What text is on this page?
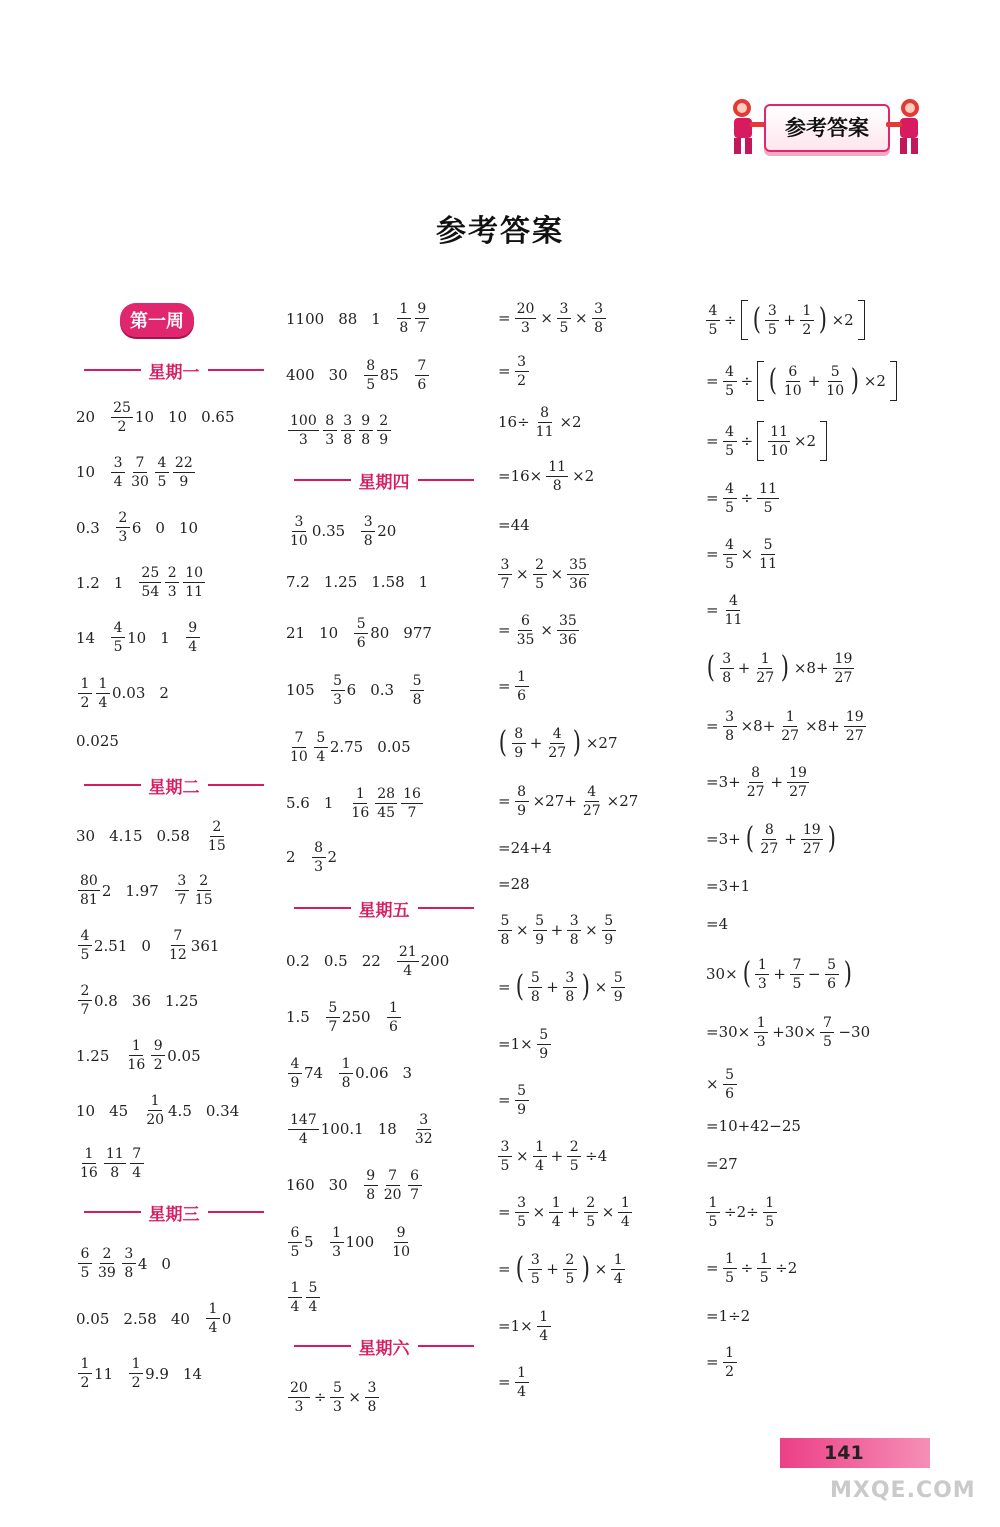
参考答案
参考答案
第一周
星期一
$20 \frac{25}{2} 10$ 10 0.65
$10 \frac{3}{4} \frac{7}{30} \frac{4}{5} \frac{22}{9}$
$0.3 \frac{2}{3} 6$ 0 10
1.2 $1 \frac{25}{54} \frac{2}{3} \frac{10}{11}$
$14 \frac{4}{5} 10$ $1 \frac{9}{4}$
$\frac{1}{2} \frac{1}{4} 0.03$ 2
0.025
星期二
30 4.15 $0.58 \frac{2}{15}$
$\frac{80}{81} 2$ $1.97 \frac{3}{7} \frac{2}{15}$
$\frac{4}{5} 2.51$ $0 \frac{7}{12} 361$
$\frac{2}{7} 0.8$ 36 1.25
$1.25 \frac{1}{16} \frac{9}{2} 0.05$
10 $45 \frac{1}{20} 4.5$ 0.34
$\frac{1}{16} \frac{11}{8} \frac{7}{4}$
星期三
$\frac{6}{5} \frac{2}{39} \frac{3}{8} 4$ 0
0.05 2.58 $40 \frac{1}{4} 0$
$\frac{1}{2} 11 \frac{1}{2} 9.9$ 14
1100 88 $1 \frac{1}{8} \frac{9}{7}$
400 $30 \frac{8}{5} 85 \frac{7}{6}$
$\frac{100}{3} \frac{8}{3} \frac{3}{8} \frac{9}{8} \frac{2}{9}$
星期四
$\frac{3}{10} 0.35 \frac{3}{8} 20$
7.2 1.25 1.58 1
21 $10 \frac{5}{6} 80$ 977
$105 \frac{5}{3} 6$ $0.3 \frac{5}{8}$
$\frac{7}{10} \frac{5}{4} 2.75$ 0.05
5.6 $1 \frac{1}{16} \frac{28}{45} \frac{16}{7}$
$2 \frac{8}{3} 2$
星期五
0.2 0.5 $22 \frac{21}{4} 200$
$1.5 \frac{5}{7} 250 \frac{1}{6}$
$\frac{4}{9} 74 \frac{1}{8} 0.06$ 3
$\frac{147}{4} 100.1$ $18 \frac{3}{32}$
160 $30 \frac{9}{8} \frac{7}{20} \frac{6}{7}$
$\frac{6}{5} 5 \frac{1}{3} 100 \frac{9}{10}$
$\frac{1}{4} \frac{5}{4}$
星期六
$\frac{20}{3} \div \frac{5}{3} \times \frac{3}{8}$
= $\frac{20}{3} \times \frac{3}{5} \times \frac{3}{8}$
= $\frac{3}{2}$
$16\div \frac{8}{11} \times 2$
$=16\times \frac{11}{8} \times 2$
=44
$\frac{3}{7} \times \frac{2}{5} \times \frac{35}{36}$
= $\frac{6}{35} \times \frac{35}{36}$
= $\frac{1}{6}$
( $\frac{8}{9} + \frac{4}{27}$ ) ×27
= $\frac{8}{9} \times 27+ \frac{4}{27} \times 27$
=24+4
=28
$\frac{5}{8} \times \frac{5}{9} + \frac{3}{8} \times \frac{5}{9}$
= ( $\frac{5}{8} + \frac{3}{8}$ ) × $\frac{5}{9}$
$=1\times \frac{5}{9}$
= $\frac{5}{9}$
$\frac{3}{5} \times \frac{1}{4} + \frac{2}{5} \div 4$
= $\frac{3}{5} \times \frac{1}{4} + \frac{2}{5} \times \frac{1}{4}$
= ( $\frac{3}{5} + \frac{2}{5}$ ) × $\frac{1}{4}$
$=1\times \frac{1}{4}$
= $\frac{1}{4}$
$\frac{4}{5}$ ÷ ( $\frac{3}{5} + \frac{1}{2}$ ) ×2
= $\frac{4}{5}$ ÷ ( $\frac{6}{10} + \frac{5}{10}$ ) ×2
= $\frac{4}{5} \div \frac{11}{10} \times 2$
= $\frac{4}{5} \div \frac{11}{5}$
= $\frac{4}{5} \times \frac{5}{11}$
= $\frac{4}{11}$
( $\frac{3}{8} + \frac{1}{27}$ ) $\times 8+ \frac{19}{27}$
= $\frac{3}{8} \times 8+ \frac{1}{27} \times 8+ \frac{19}{27}$
$=3+ \frac{8}{27} + \frac{19}{27}$
=3+ ( $\frac{8}{27} + \frac{19}{27}$ )
=3+1
=4
30× ( $\frac{1}{3} + \frac{7}{5} - \frac{5}{6}$ )
$=30\times \frac{1}{3} +30\times \frac{7}{5} -30$
× $\frac{5}{6}$
=10+42−25
=27
$\frac{1}{5} \div 2\div \frac{1}{5}$
= $\frac{1}{5} \div \frac{1}{5} \div 2$
=1÷2
= $\frac{1}{2}$
141
MXQE.COM
